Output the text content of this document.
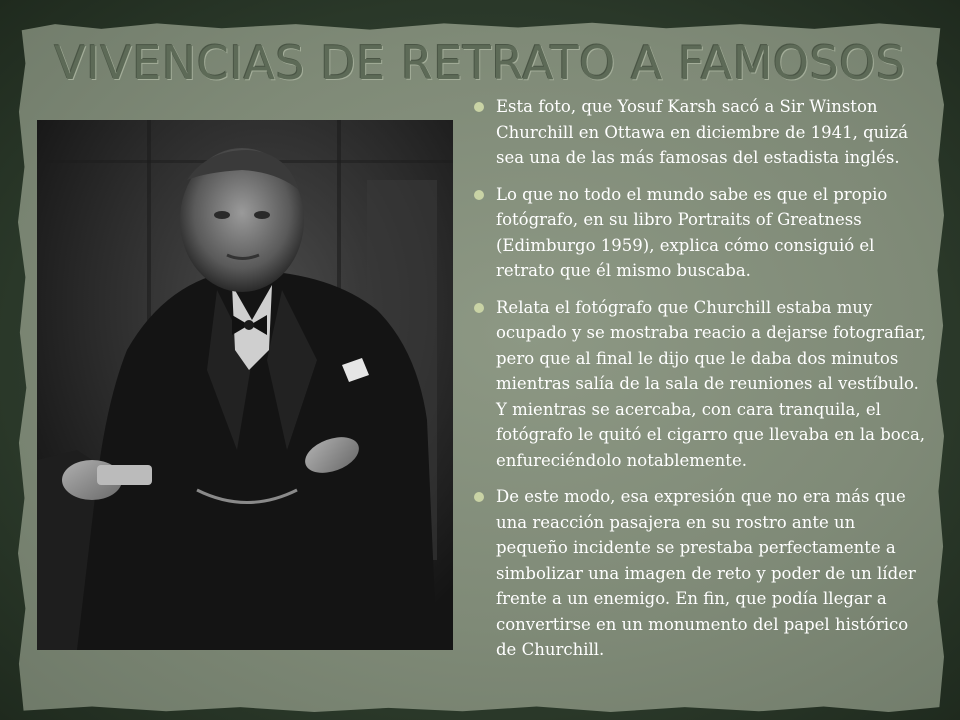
VIVENCIAS DE RETRATO A FAMOSOS
Esta foto, que Yosuf Karsh sacó a Sir Winston Churchill en Ottawa en diciembre de 1941, quizá sea una de las más famosas del estadista inglés.
Lo que no todo el mundo sabe es que el propio fotógrafo, en su libro Portraits of Greatness (Edimburgo 1959), explica cómo consiguió el retrato que él mismo buscaba.
Relata el fotógrafo que Churchill estaba muy ocupado y se mostraba reacio a dejarse fotografiar, pero que al final le dijo que le daba dos minutos mientras salía de la sala de reuniones al vestíbulo. Y mientras se acercaba, con cara tranquila, el fotógrafo le quitó el cigarro que llevaba en la boca, enfureciéndolo notablemente.
De este modo, esa expresión que no era más que una reacción pasajera en su rostro ante un pequeño incidente se prestaba perfectamente a simbolizar una imagen de reto y poder de un líder frente a un enemigo. En fin, que podía llegar a convertirse en un monumento del papel histórico de Churchill.
